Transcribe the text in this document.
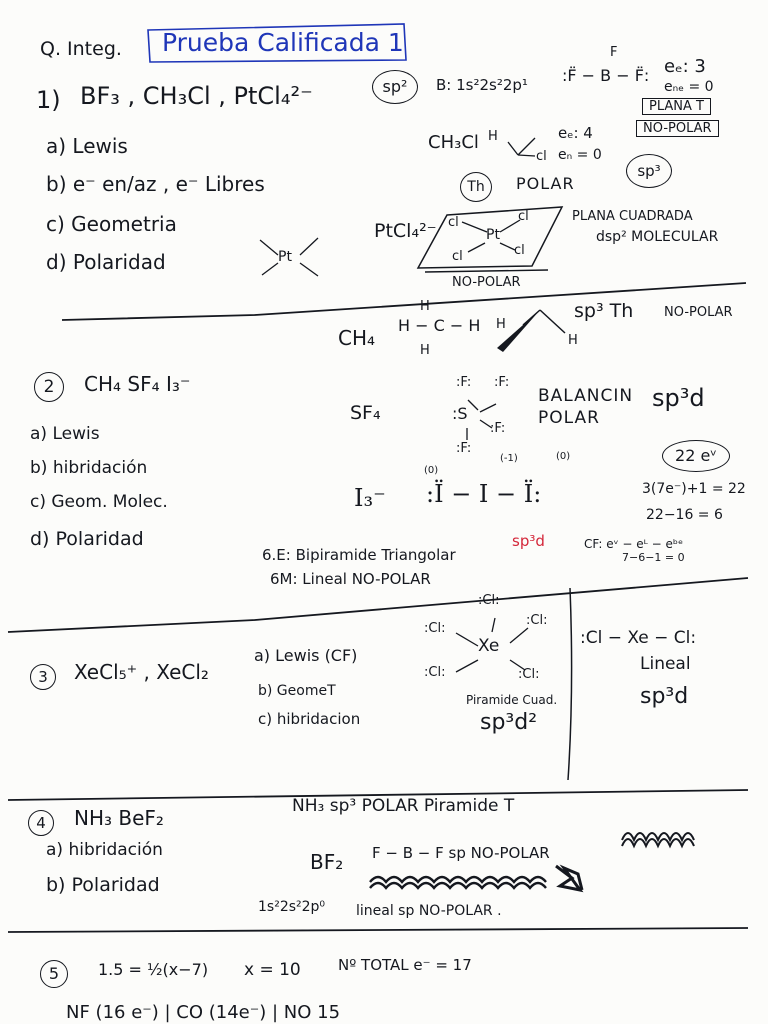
Q. Integ. Prueba Calificada 1
1) BF₃ , CH₃Cl , PtCl₄²⁻
a) Lewis
b) e⁻ en/az , e⁻ Libres
c) Geometria
d) Polaridad
sp²	B: 1s²2s²2p¹ :F̈ − B − F̈:
F
eₑ: 3
eₙₑ = 0
PLANA T
NO-POLAR
CH₃Cl H
cl
eₑ: 4
eₙ = 0
sp³
Th	POLAR
PtCl₄²⁻	Pt
cl	cl
cl	cl
PLANA CUADRADA
dsp² MOLECULAR
NO-POLAR
Pt
CH₄
H − C − H
H
H
H
H
sp³ Th NO-POLAR
2	CH₄ SF₄ I₃⁻
a) Lewis
b) hibridación
c) Geom. Molec.
d) Polaridad
SF₄	:S
:F: :F:
:F:
:F:
BALANCIN
POLAR
sp³d
22 eᵛ
I₃⁻ :Ï − I − Ï:
(0)
(-1)	(0)
3(7e⁻)+1 = 22
22−16 = 6
6.E: Bipiramide Triangolar
sp³d
6M: Lineal NO-POLAR
CF: eᵛ − eᴸ − eᵇᵉ
7−6−1 = 0
3	XeCl₅⁺ , XeCl₂
a) Lewis (CF)
b) GeomeT
c) hibridacion
Xe
:Cl:
:Cl:
:Cl:
:Cl:	:Cl:
Piramide Cuad.
sp³d²
:Cl − Xe − Cl:
Lineal
sp³d
4	NH₃ BeF₂
a) hibridación
b) Polaridad
NH₃ sp³ POLAR Piramide T
BF₂ F − B − F sp NO-POLAR
1s²2s²2p⁰ lineal sp NO-POLAR .
5	1.5 = ½(x−7) x = 10 Nº TOTAL e⁻ = 17
NF (16 e⁻) | CO (14e⁻) | NO 15
